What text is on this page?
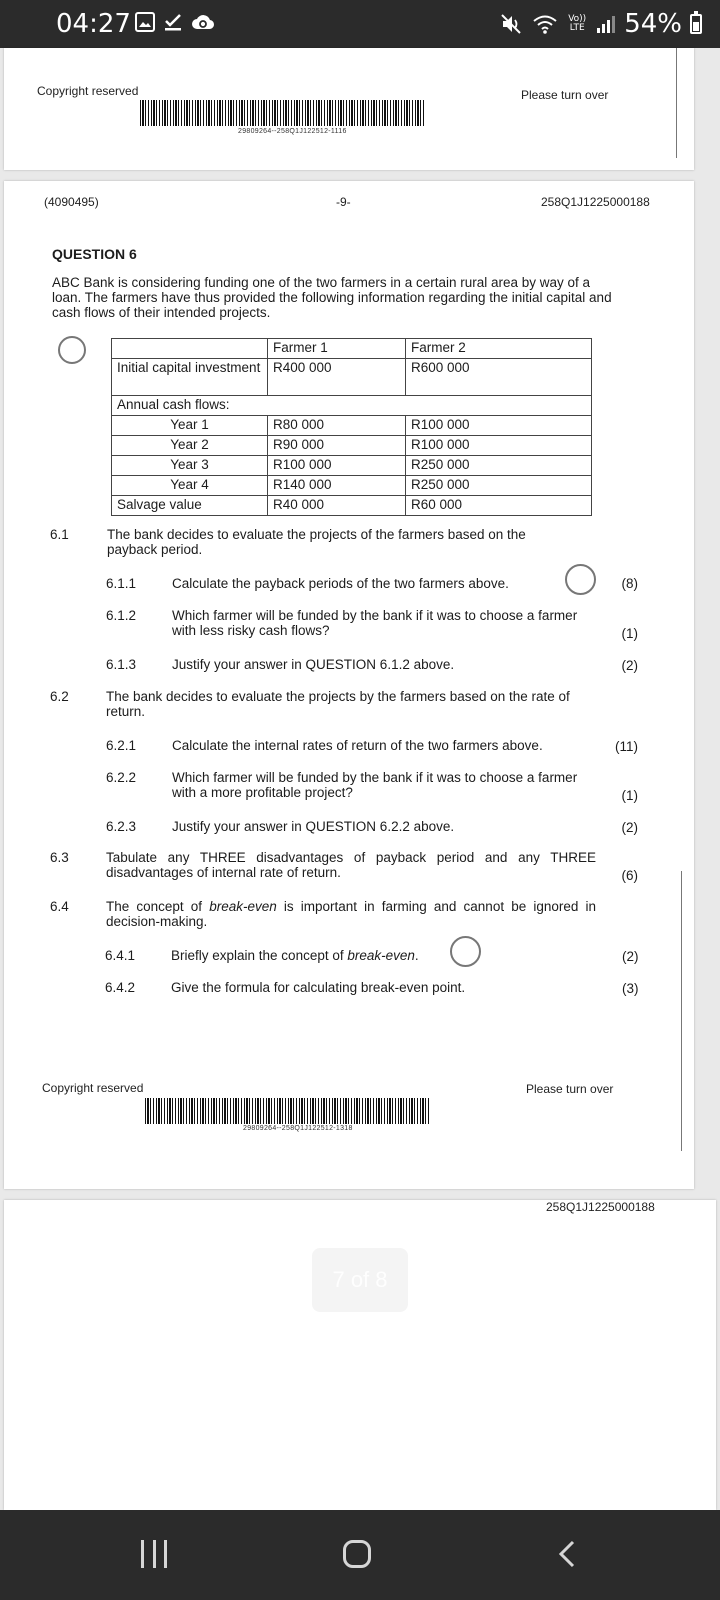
04:27	Vo)) LTE 54%
Copyright reserved	Please turn over
29809264--258Q1J122512-1116
(4090495)	-9-	258Q1J1225000188
QUESTION 6
ABC Bank is considering funding one of the two farmers in a certain rural area by way of a loan. The farmers have thus provided the following information regarding the initial capital and cash flows of their intended projects.
	Farmer 1	Farmer 2
Initial capital investment	R400 000	R600 000
Annual cash flows:		
Year 1	R80 000	R100 000
Year 2	R90 000	R100 000
Year 3	R100 000	R250 000
Year 4	R140 000	R250 000
Salvage value	R40 000	R60 000
6.1	The bank decides to evaluate the projects of the farmers based on the payback period.
6.1.1	Calculate the payback periods of the two farmers above.	(8)
6.1.2	Which farmer will be funded by the bank if it was to choose a farmer with less risky cash flows?	(1)
6.1.3	Justify your answer in QUESTION 6.1.2 above.	(2)
6.2	The bank decides to evaluate the projects by the farmers based on the rate of return.
6.2.1	Calculate the internal rates of return of the two farmers above.	(11)
6.2.2	Which farmer will be funded by the bank if it was to choose a farmer with a more profitable project?	(1)
6.2.3	Justify your answer in QUESTION 6.2.2 above.	(2)
6.3	Tabulate any THREE disadvantages of payback period and any THREE disadvantages of internal rate of return.	(6)
6.4	The concept of break-even is important in farming and cannot be ignored in decision-making.
6.4.1	Briefly explain the concept of break-even.	(2)
6.4.2	Give the formula for calculating break-even point.	(3)
Copyright reserved	Please turn over
29809264--258Q1J122512-1318
258Q1J1225000188
7 of 8
